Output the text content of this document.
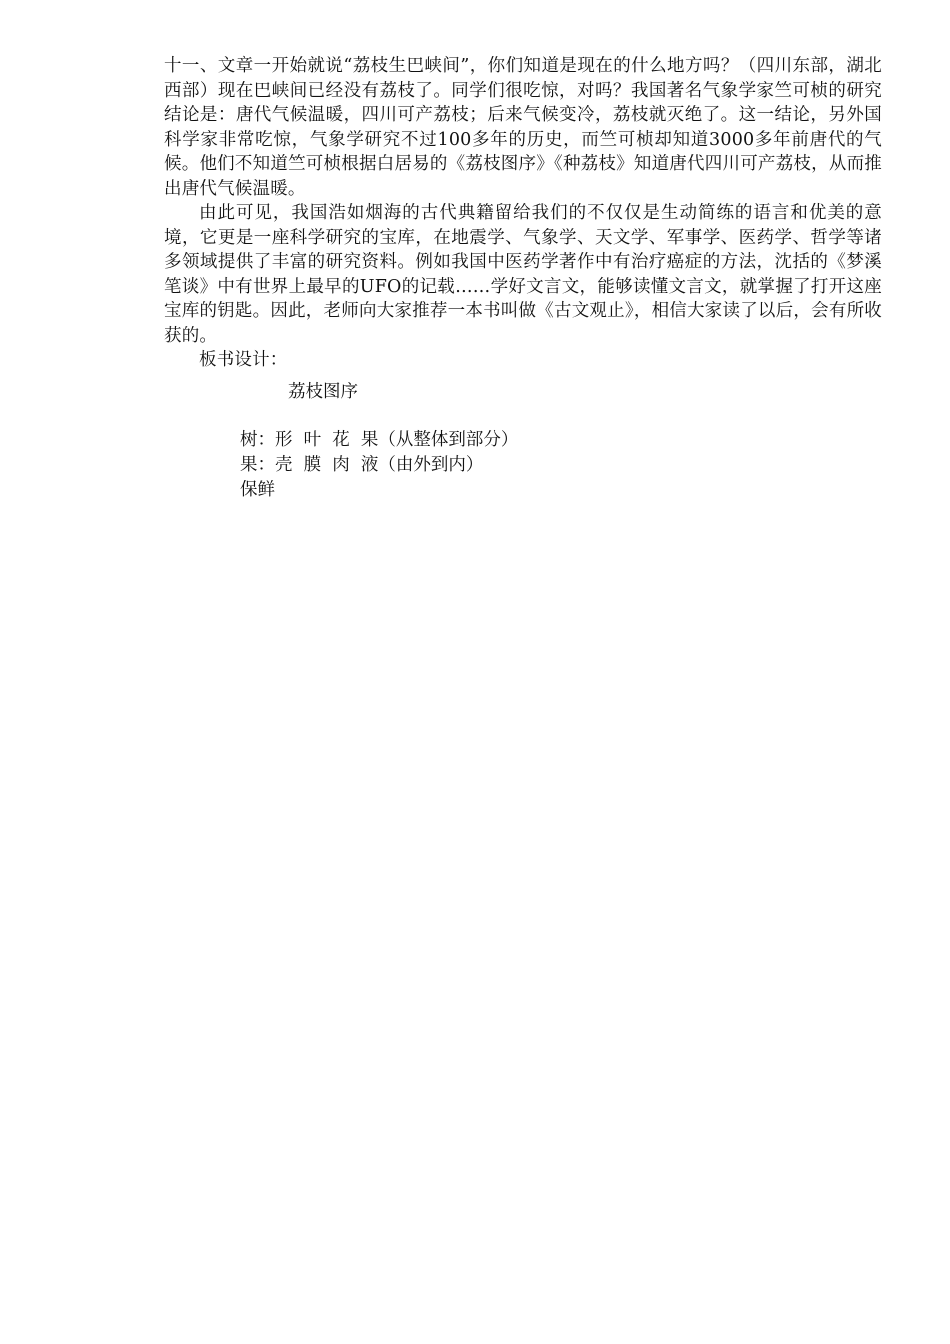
十一、文章一开始就说“荔枝生巴峡间”，你们知道是现在的什么地方吗？（四川东部，湖北西部）现在巴峡间已经没有荔枝了。同学们很吃惊，对吗？我国著名气象学家竺可桢的研究结论是：唐代气候温暖，四川可产荔枝；后来气候变冷，荔枝就灭绝了。这一结论，另外国科学家非常吃惊，气象学研究不过100多年的历史，而竺可桢却知道3000多年前唐代的气候。他们不知道竺可桢根据白居易的《荔枝图序》《种荔枝》知道唐代四川可产荔枝，从而推出唐代气候温暖。

由此可见，我国浩如烟海的古代典籍留给我们的不仅仅是生动简练的语言和优美的意境，它更是一座科学研究的宝库，在地震学、气象学、天文学、军事学、医药学、哲学等诸多领域提供了丰富的研究资料。例如我国中医药学著作中有治疗癌症的方法，沈括的《梦溪笔谈》中有世界上最早的UFO的记载……学好文言文，能够读懂文言文，就掌握了打开这座宝库的钥匙。因此，老师向大家推荐一本书叫做《古文观止》，相信大家读了以后，会有所收获的。

板书设计：

荔枝图序

树：形  叶  花  果（从整体到部分）

果：壳  膜  肉  液（由外到内）

保鲜
